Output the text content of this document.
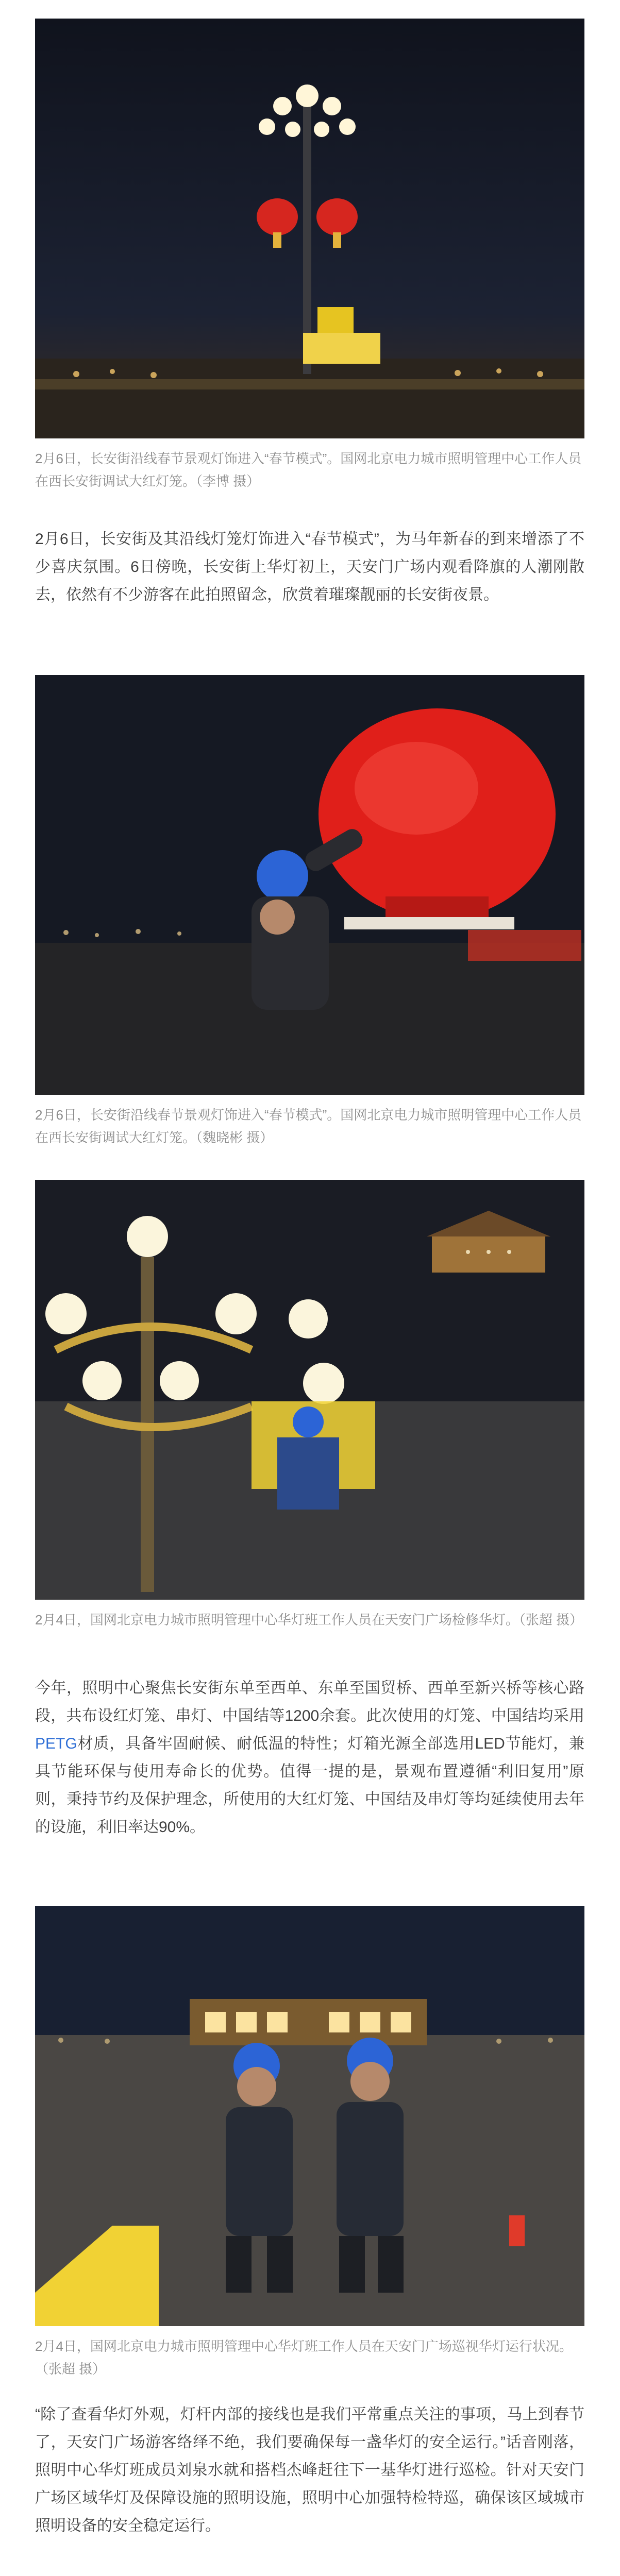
2月6日，长安街沿线春节景观灯饰进入“春节模式”。国网北京电力城市照明管理中心工作人员在西长安街调试大红灯笼。（李博 摄）
2月6日，长安街及其沿线灯笼灯饰进入“春节模式”，为马年新春的到来增添了不少喜庆氛围。6日傍晚，长安街上华灯初上，天安门广场内观看降旗的人潮刚散去，依然有不少游客在此拍照留念，欣赏着璀璨靓丽的长安街夜景。
2月6日，长安街沿线春节景观灯饰进入“春节模式”。国网北京电力城市照明管理中心工作人员在西长安街调试大红灯笼。（魏晓彬 摄）
2月4日，国网北京电力城市照明管理中心华灯班工作人员在天安门广场检修华灯。（张超 摄）
今年，照明中心聚焦长安街东单至西单、东单至国贸桥、西单至新兴桥等核心路段，共布设红灯笼、串灯、中国结等1200余套。此次使用的灯笼、中国结均采用PETG材质，具备牢固耐候、耐低温的特性；灯箱光源全部选用LED节能灯，兼具节能环保与使用寿命长的优势。值得一提的是，景观布置遵循“利旧复用”原则，秉持节约及保护理念，所使用的大红灯笼、中国结及串灯等均延续使用去年的设施，利旧率达90%。
2月4日，国网北京电力城市照明管理中心华灯班工作人员在天安门广场巡视华灯运行状况。（张超 摄）
“除了查看华灯外观，灯杆内部的接线也是我们平常重点关注的事项，马上到春节了，天安门广场游客络绎不绝，我们要确保每一盏华灯的安全运行。”话音刚落，照明中心华灯班成员刘泉水就和搭档杰峰赶往下一基华灯进行巡检。针对天安门广场区域华灯及保障设施的照明设施，照明中心加强特检特巡，确保该区域城市照明设备的安全稳定运行。
